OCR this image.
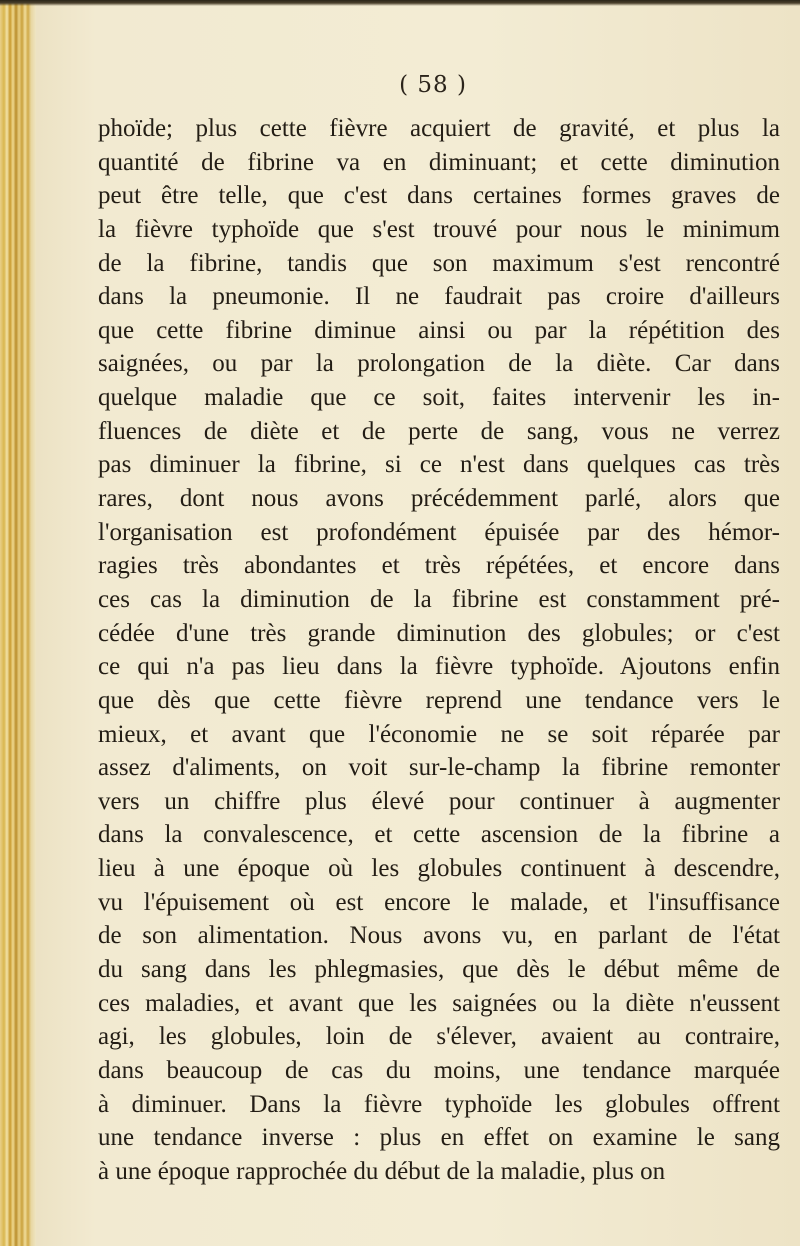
( 58 )
phoïde; plus cette fièvre acquiert de gravité, et plus la
quantité de fibrine va en diminuant; et cette diminution
peut être telle, que c'est dans certaines formes graves de
la fièvre typhoïde que s'est trouvé pour nous le minimum
de la fibrine, tandis que son maximum s'est rencontré
dans la pneumonie. Il ne faudrait pas croire d'ailleurs
que cette fibrine diminue ainsi ou par la répétition des
saignées, ou par la prolongation de la diète. Car dans
quelque maladie que ce soit, faites intervenir les in-
fluences de diète et de perte de sang, vous ne verrez
pas diminuer la fibrine, si ce n'est dans quelques cas très
rares, dont nous avons précédemment parlé, alors que
l'organisation est profondément épuisée par des hémor-
ragies très abondantes et très répétées, et encore dans
ces cas la diminution de la fibrine est constamment pré-
cédée d'une très grande diminution des globules; or c'est
ce qui n'a pas lieu dans la fièvre typhoïde. Ajoutons enfin
que dès que cette fièvre reprend une tendance vers le
mieux, et avant que l'économie ne se soit réparée par
assez d'aliments, on voit sur-le-champ la fibrine remonter
vers un chiffre plus élevé pour continuer à augmenter
dans la convalescence, et cette ascension de la fibrine a
lieu à une époque où les globules continuent à descendre,
vu l'épuisement où est encore le malade, et l'insuffisance
de son alimentation. Nous avons vu, en parlant de l'état
du sang dans les phlegmasies, que dès le début même de
ces maladies, et avant que les saignées ou la diète n'eussent
agi, les globules, loin de s'élever, avaient au contraire,
dans beaucoup de cas du moins, une tendance marquée
à diminuer. Dans la fièvre typhoïde les globules offrent
une tendance inverse : plus en effet on examine le sang
à une époque rapprochée du début de la maladie, plus on
